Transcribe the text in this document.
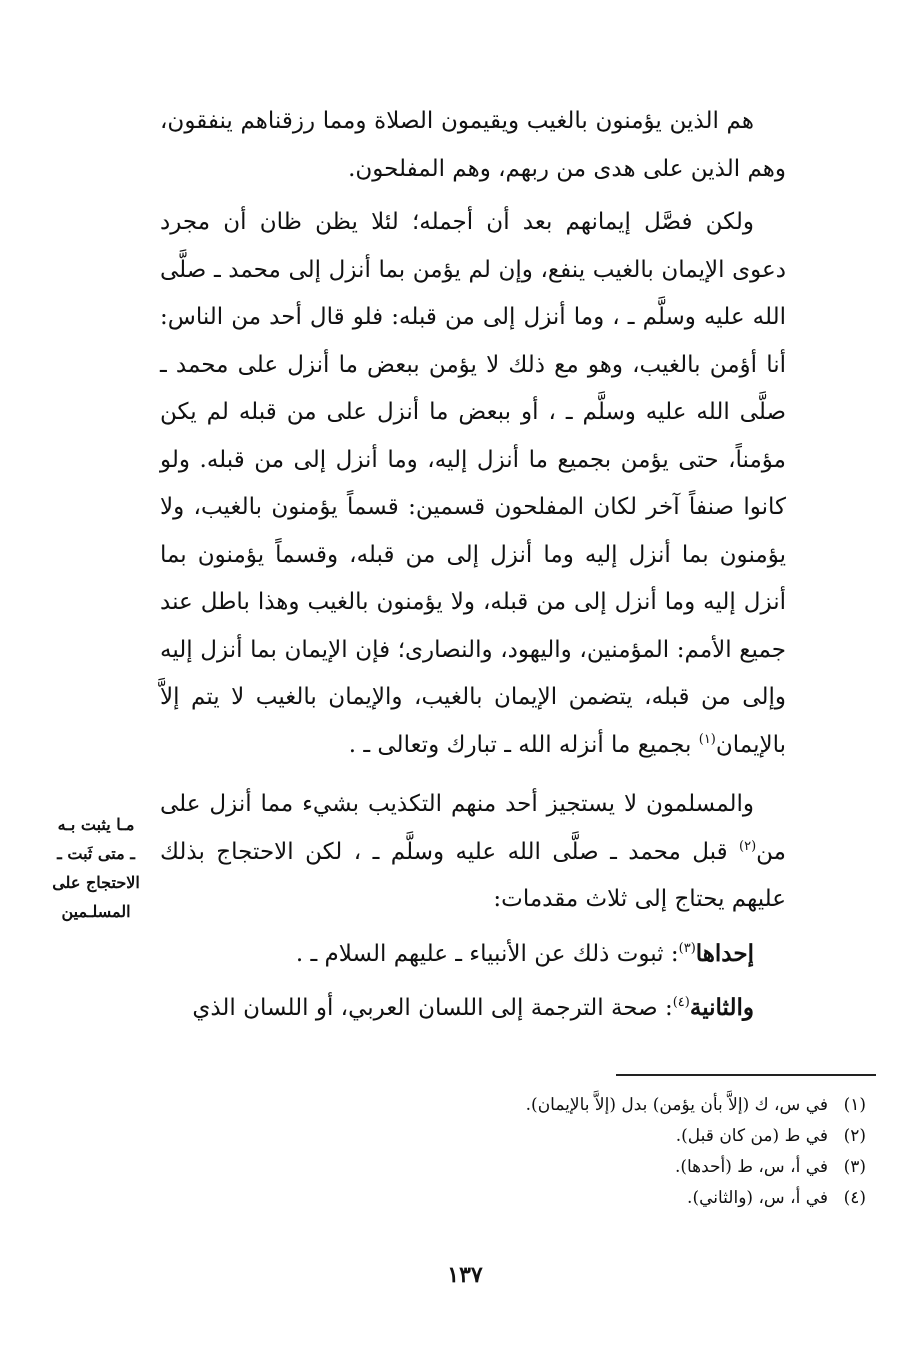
هم الذين يؤمنون بالغيب ويقيمون الصلاة ومما رزقناهم ينفقون، وهم الذين على هدى من ربهم، وهم المفلحون.

ولكن فصَّل إيمانهم بعد أن أجمله؛ لئلا يظن ظان أن مجرد دعوى الإيمان بالغيب ينفع، وإن لم يؤمن بما أنزل إلى محمد ـ صلَّى الله عليه وسلَّم ـ ، وما أنزل إلى من قبله: فلو قال أحد من الناس: أنا أؤمن بالغيب، وهو مع ذلك لا يؤمن ببعض ما أنزل على محمد ـ صلَّى الله عليه وسلَّم ـ ، أو ببعض ما أنزل على من قبله لم يكن مؤمناً، حتى يؤمن بجميع ما أنزل إليه، وما أنزل إلى من قبله. ولو كانوا صنفاً آخر لكان المفلحون قسمين: قسماً يؤمنون بالغيب، ولا يؤمنون بما أنزل إليه وما أنزل إلى من قبله، وقسماً يؤمنون بما أنزل إليه وما أنزل إلى من قبله، ولا يؤمنون بالغيب وهذا باطل عند جميع الأمم: المؤمنين، واليهود، والنصارى؛ فإن الإيمان بما أنزل إليه وإلى من قبله، يتضمن الإيمان بالغيب، والإيمان بالغيب لا يتم إلاَّ بالإيمان$^{(١)}$ بجميع ما أنزله الله ـ تبارك وتعالى ـ .

والمسلمون لا يستجيز أحد منهم التكذيب بشيء مما أنزل على من$^{(٢)}$ قبل محمد ـ صلَّى الله عليه وسلَّم ـ ، لكن الاحتجاج بذلك عليهم يحتاج إلى ثلاث مقدمات:

إحداها$^{(٣)}$: ثبوت ذلك عن الأنبياء ـ عليهم السلام ـ .

والثانية$^{(٤)}$: صحة الترجمة إلى اللسان العربي، أو اللسان الذي

مـا يثبت بـه
ـ متى ثَبت ـ
الاحتجاج على
المسلـمين
(١)في س، ك (إلاَّ بأن يؤمن) بدل (إلاَّ بالإيمان).
(٢)في ط (من كان قبل).
(٣)في أ، س، ط (أحدها).
(٤)في أ، س، (والثاني).
١٣٧
